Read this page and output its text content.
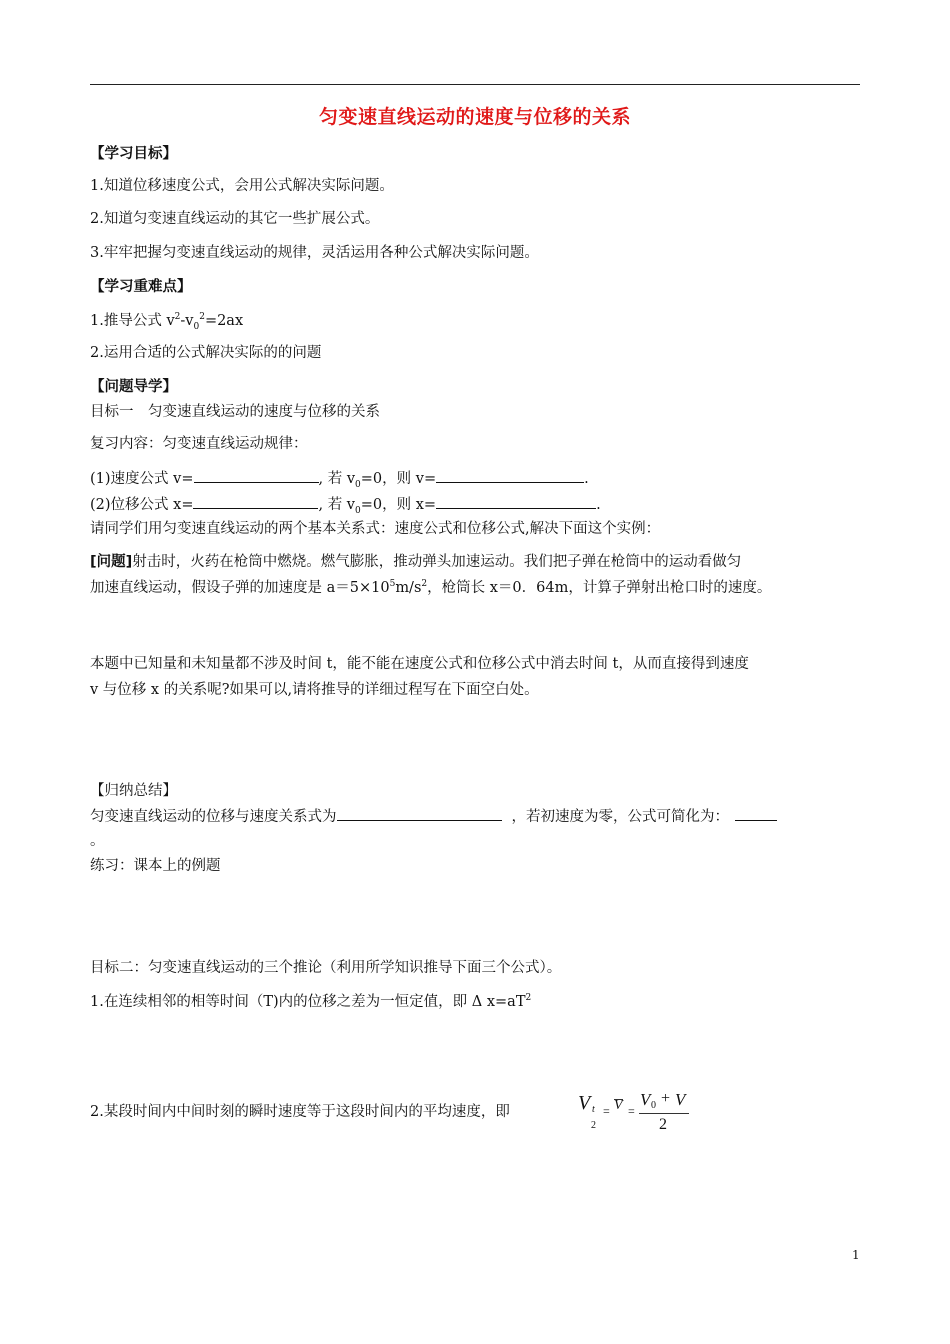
匀变速直线运动的速度与位移的关系
【学习目标】
1.知道位移速度公式，会用公式解决实际问题。
2.知道匀变速直线运动的其它一些扩展公式。
3.牢牢把握匀变速直线运动的规律，灵活运用各种公式解决实际问题。
【学习重难点】
1.推导公式 $v^2-v_0^2=2ax$
2.运用合适的公式解决实际的的问题
【问题导学】
目标一　匀变速直线运动的速度与位移的关系
复习内容：匀变速直线运动规律：
(1)速度公式 v=	, 若 $v_0=0$，则 v=	.
(2)位移公式 x=	, 若 $v_0=0$，则 x=	.
请同学们用匀变速直线运动的两个基本关系式：速度公式和位移公式,解决下面这个实例：
[问题]射击时，火药在枪筒中燃烧。燃气膨胀，推动弹头加速运动。我们把子弹在枪筒中的运动看做匀
加速直线运动，假设子弹的加速度是 $a=5\times 10^5m/s^2$，枪筒长 x＝0．64m，计算子弹射出枪口时的速度。
本题中已知量和未知量都不涉及时间 t，能不能在速度公式和位移公式中消去时间 t，从而直接得到速度
v 与位移 x 的关系呢?如果可以,请将推导的详细过程写在下面空白处。
【归纳总结】
匀变速直线运动的位移与速度关系式为	，若初速度为零，公式可简化为：
。
练习：课本上的例题
目标二：匀变速直线运动的三个推论（利用所学知识推导下面三个公式）。
1.在连续相邻的相等时间（T)内的位移之差为一恒定值，即 Δ $x=aT^2$
2.某段时间内中间时刻的瞬时速度等于这段时间内的平均速度，即	V t
2
= V =
V 0 + V
2
1
